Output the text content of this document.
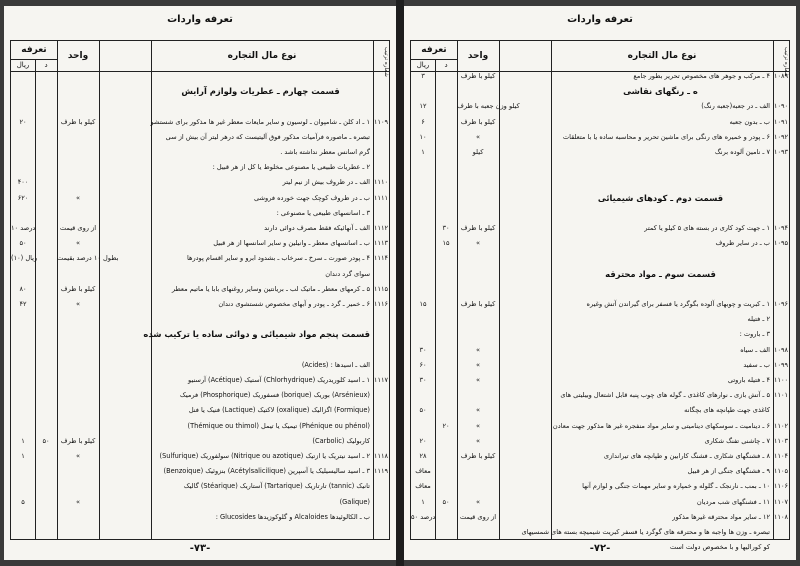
تعرفه واردات
تعرفه
ریال	د
واحد	نوع مال التجاره	شماره ترتیب
قسمت چهارم ـ عطریات ولوازم آرایش
۲۰	کیلو با ظرف	۱ ـ اد کلن ـ شامپوان ـ لوسیون و سایر مایعات معطر غیر ها مذکور برای شستشو ۱۱۰۹
تبصره ـ ماصوره فرآمیات مذکور فوق آلیتیست که درهر لیتر آن بیش از سی
گرم اسانس معطر نداشته باشد .
۲ ـ عطریات طبیعی یا مصنوعی مخلوط یا کل از هر قبیل :
۴۰۰	الف ـ در ظروف بیش از نیم لیتر ۱۱۱۰
۶۲۰	«	ب ـ در ظروف کوچک جهت خورده فروشی ۱۱۱۱
۳ ـ اسانسهای طبیعی یا مصنوعی :
۱۰ درصد	از روی قیمت	الف ـ آنهائیکه فقط مصرف دوائی دارند ۱۱۱۲
۵۰	«	ب ـ اسانسهای معطر ـ وانیلین و سایر اسانسها از هر قبیل ۱۱۱۳
(۱۰) ریال	بطول ۱۰ درصد بقیمت	۴ ـ پودر صورت ـ سرخ ـ سرخاب ـ بشدود ابرو و سایر اقسام پودرها ۱۱۱۴
سوای گرد دندان
۸۰	کیلو با ظرف	۵ ـ کرمهای معطر ـ ماتیک لب ـ بریانتین وسایر روغنهای بابا یا ماتیم معطر ۱۱۱۵
۴۲	«	۶ ـ خمیر ـ گرد ـ پودر و آبهای مخصوص شستشوی دندان ۱۱۱۶
قسمت پنجم مواد شیمیائی و دوائی ساده یا ترکیب شده
الف ـ اسیدها : (Acides)
۱ ـ اسید کلوریدریک (Chlorhydrique) آستیک (Acétique) آرسنیو ۱۱۱۷
(Arsénieux) بوریک (borique) فسفوریک (Phosphorique) فرمیک
(Formique) اگزالیک (oxalique) لاکتیک (Lactique) فنیک یا فنل
(Phénique ou phénol) تیمیک یا تیمل (Thémique ou thimol)
۱	۵۰	کیلو با ظرف	کاربولیک (Carbolic)
۱	«	۲ ـ اسید نیتریک یا ازتیک (Nitrique ou azotique) سولفوریک (Sulfurique) ۱۱۱۸
۳ ـ اسید سالیسیلیک یا آسپرین (Acétylsalicilique) بنزوئیک (Benzoique) ۱۱۱۹
تانیک (tannic) تارتاریک (Tartarique) آستاریک (Stéarique) گالیک
۵	«	(Galique)
ب ـ الکالوئیدها Alcaloides و گلوکوزیدها Glucosides :
-۷۳-
تعرفه واردات
تعرفه
ریال	د
واحد	نوع مال التجاره	شماره ترتیب
۳	کیلو با ظرف	۴ ـ مرکب و جوهر های مخصوص تحریر بطور جامع ۱۰۸۹
ه ـ رنگهای نقاشی
۱۲	کیلو وزن جعبه با ظرف	الف ـ در جعبه(جعبه رنگ) ۱۰۹۰
۶	کیلو با ظرف	ب ـ بدون جعبه ۱۰۹۱
۱۰	«	۶ ـ پودر و خمیره های رنگی برای ماشین تحریر و محاسبه ساده یا با متعلقات ۱۰۹۲
۱	کیلو	۷ ـ نامین آلوده برنگ ۱۰۹۳
قسمت دوم ـ کودهای شیمیائی
۳۰	کیلو با ظرف	۱ ـ جهت کود کاری در بسته های ۵ کیلو یا کمتر ۱۰۹۴
۱۵	«	ب ـ در سایر ظروف ۱۰۹۵
قسمت سوم ـ مواد محترقه
۱۵	کیلو با ظرف	۱ ـ کبریت و چوبهای آلوده بگوگرد یا فسفر برای گیراندن آتش وغیره ۱۰۹۶
۲ ـ فتیله
۳ ـ باروت :
۳۰	«	الف ـ سیاه ۱۰۹۸
۶۰	«	ب ـ سفید ۱۰۹۹
۳۰	«	۴ ـ فتیله باروتی ۱۱۰۰
۵ ـ آتش بازی ـ نوارهای کاغذی ـ گوله های چوب پنبه قابل اشتعال وبیلیتی های ۱۱۰۱
۵۰	«	کاغذی جهت طپانچه های بچگانه
۲۰	«	۶ ـ دینامیت ـ سوسکهای دینامیتی و سایر مواد منفجره غیر ها مذکور جهت معادن ۱۱۰۲
۲۰	«	۷ ـ چاشنی تفنگ شکاری ۱۱۰۳
۲۸	کیلو با ظرف	۸ ـ فشنگهای شکاری ـ فشنگ کارابین و طپانچه های تیراندازی ۱۱۰۴
معاف	۹ ـ فشنگهای جنگی از هر قبیل ۱۱۰۵
معاف	۱۰ ـ بمب ـ نارنجک ـ گلوله و خمپاره و سایر مهمات جنگی و لوازم آنها ۱۱۰۶
۱	۵۰	«	۱۱ ـ فشنگهای شب مردیان ۱۱۰۷
۵۰ درصد	از روی قیمت	۱۲ ـ سایر مواد محترقه غیرها مذکور ۱۱۰۸
تبصره ـ وزن ها واجبه ها و محترقه های گوگرد یا فسفر کبریت شیمیچه بسته های شمسیهای
کو کورالیها و با مخصوص دولت است
-۷۲-
